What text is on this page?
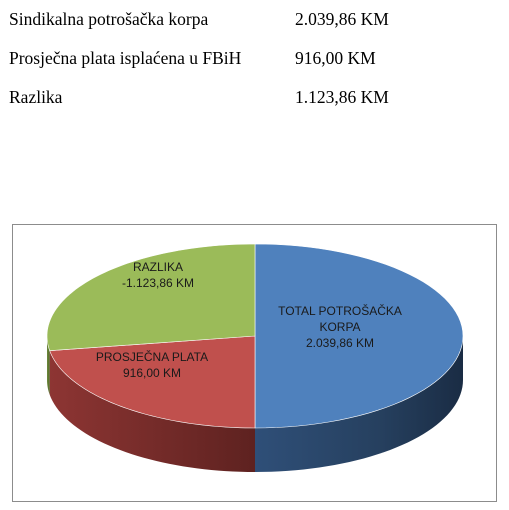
Sindikalna potrošačka korpa	2.039,86 KM
Prosječna plata isplaćena u FBiH	916,00 KM
Razlika	1.123,86 KM
TOTAL POTROŠAČKA KORPA 2.039,86 KM
PROSJEČNA PLATA 916,00 KM
RAZLIKA -1.123,86 KM
